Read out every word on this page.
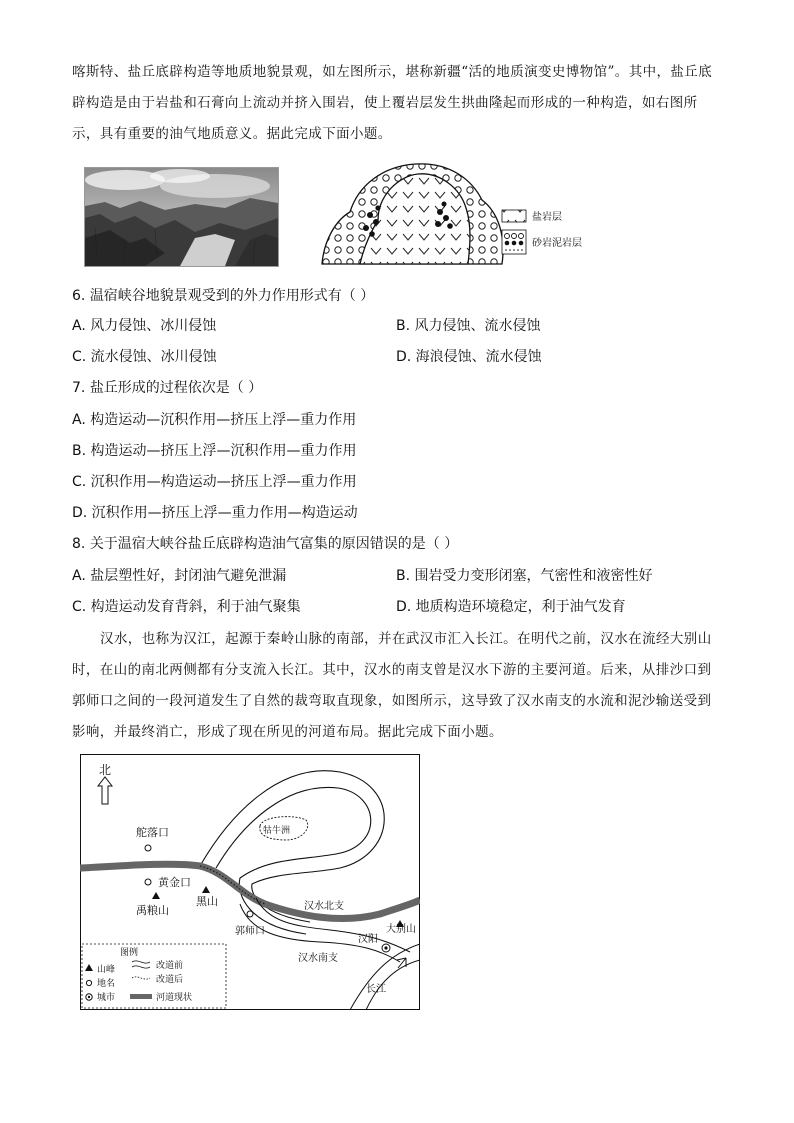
喀斯特、盐丘底辟构造等地质地貌景观，如左图所示，堪称新疆“活的地质演变史博物馆”。其中，盐丘底辟构造是由于岩盐和石膏向上流动并挤入围岩，使上覆岩层发生拱曲隆起而形成的一种构造，如右图所示，具有重要的油气地质意义。据此完成下面小题。

盐岩层
砂岩泥岩层
6. 温宿峡谷地貌景观受到的外力作用形式有（ ）
A. 风力侵蚀、冰川侵蚀	B. 风力侵蚀、流水侵蚀
C. 流水侵蚀、冰川侵蚀	D. 海浪侵蚀、流水侵蚀
7. 盐丘形成的过程依次是（ ）
A. 构造运动—沉积作用—挤压上浮—重力作用
B. 构造运动—挤压上浮—沉积作用—重力作用
C. 沉积作用—构造运动—挤压上浮—重力作用
D. 沉积作用—挤压上浮—重力作用—构造运动
8. 关于温宿大峡谷盐丘底辟构造油气富集的原因错误的是（ ）
A. 盐层塑性好，封闭油气避免泄漏	B. 围岩受力变形闭塞，气密性和液密性好
C. 构造运动发育背斜，利于油气聚集	D. 地质构造环境稳定，利于油气发育

汉水，也称为汉江，起源于秦岭山脉的南部，并在武汉市汇入长江。在明代之前，汉水在流经大别山时，在山的南北两侧都有分支流入长江。其中，汉水的南支曾是汉水下游的主要河道。后来，从排沙口到郭师口之间的一段河道发生了自然的裁弯取直现象，如图所示，这导致了汉水南支的水流和泥沙输送受到影响，并最终消亡，形成了现在所见的河道布局。据此完成下面小题。

北
牯牛洲
舵落口
黄金口
禹粮山
黑山
郭师口
汉水北支
汉水南支
汉阳
大别山
长江
图例
山峰
地名
城市
改道前
改道后
河道现状
